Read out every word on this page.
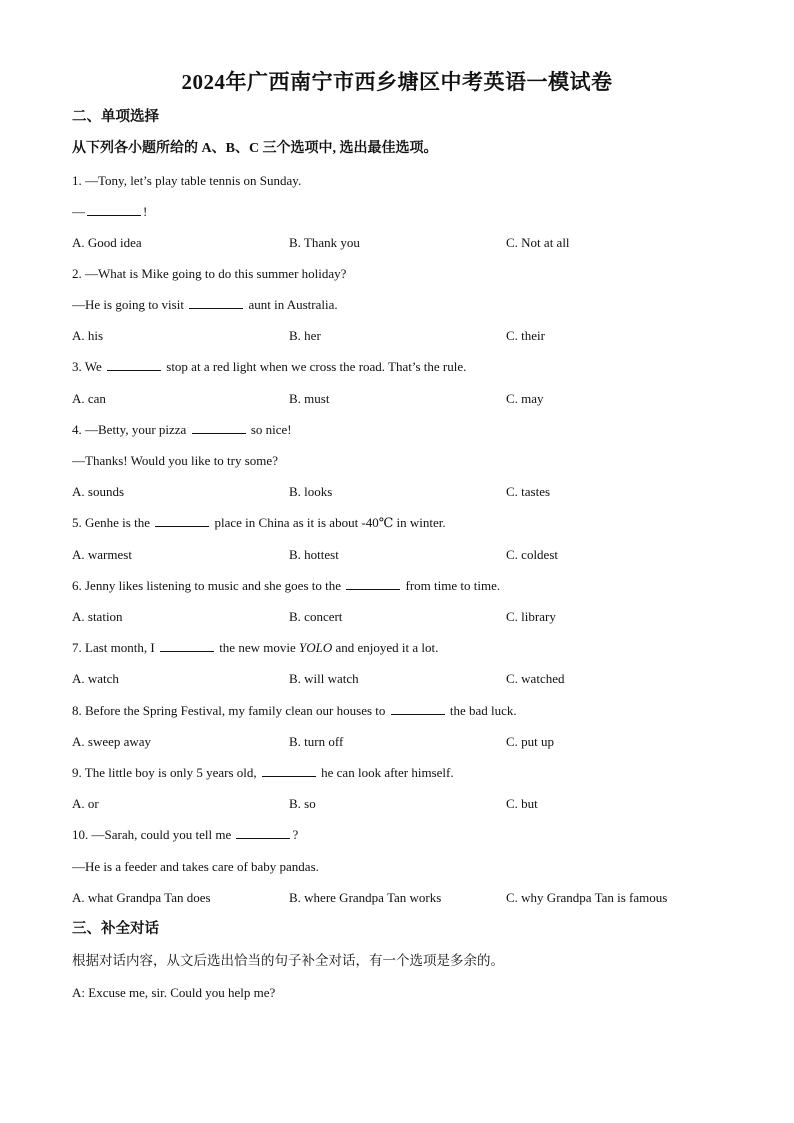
2024年广西南宁市西乡塘区中考英语一模试卷
二、单项选择
从下列各小题所给的 A、B、C 三个选项中, 选出最佳选项。
1. —Tony, let’s play table tennis on Sunday.
—	!
A. Good idea	B. Thank you	C. Not at all
2. —What is Mike going to do this summer holiday?
—He is going to visit	aunt in Australia.
A. his	B. her	C. their
3. We	stop at a red light when we cross the road. That’s the rule.
A. can	B. must	C. may
4. —Betty, your pizza	so nice!
—Thanks! Would you like to try some?
A. sounds	B. looks	C. tastes
5. Genhe is the	place in China as it is about -40℃ in winter.
A. warmest	B. hottest	C. coldest
6. Jenny likes listening to music and she goes to the	from time to time.
A. station	B. concert	C. library
7. Last month, I	the new movie YOLO and enjoyed it a lot.
A. watch	B. will watch	C. watched
8. Before the Spring Festival, my family clean our houses to	the bad luck.
A. sweep away	B. turn off	C. put up
9. The little boy is only 5 years old,	he can look after himself.
A. or	B. so	C. but
10. —Sarah, could you tell me	?
—He is a feeder and takes care of baby pandas.
A. what Grandpa Tan does	B. where Grandpa Tan works	C. why Grandpa Tan is famous
三、补全对话
根据对话内容，从文后选出恰当的句子补全对话，有一个选项是多余的。
A: Excuse me, sir. Could you help me?
